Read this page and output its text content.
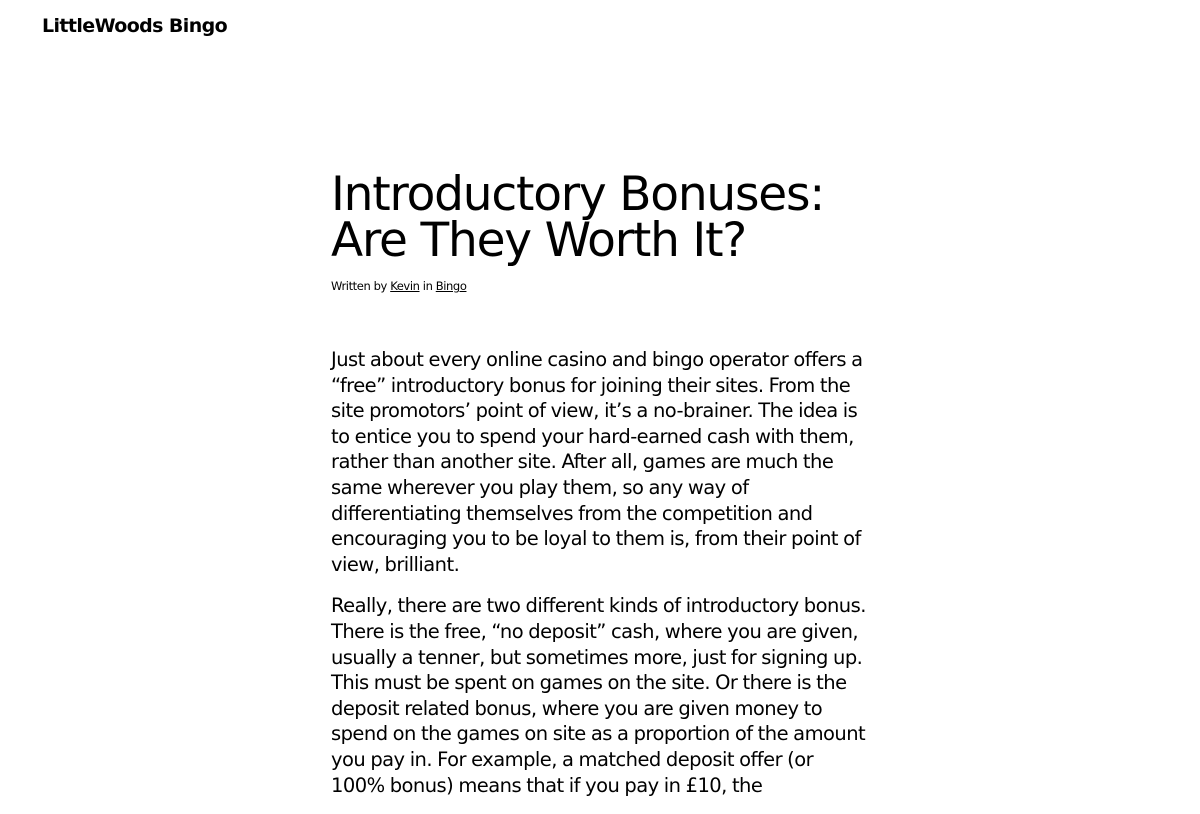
LittleWoods Bingo
Introductory Bonuses: Are They Worth It?
Written by Kevin in Bingo

Just about every online casino and bingo operator offers a “free” introductory bonus for joining their sites. From the site promotors’ point of view, it’s a no-brainer. The idea is to entice you to spend your hard-earned cash with them, rather than another site. After all, games are much the same wherever you play them, so any way of differentiating themselves from the competition and encouraging you to be loyal to them is, from their point of view, brilliant.

Really, there are two different kinds of introductory bonus. There is the free, “no deposit” cash, where you are given, usually a tenner, but sometimes more, just for signing up. This must be spent on games on the site. Or there is the deposit related bonus, where you are given money to spend on the games on site as a proportion of the amount you pay in. For example, a matched deposit offer (or 100% bonus) means that if you pay in £10, the
